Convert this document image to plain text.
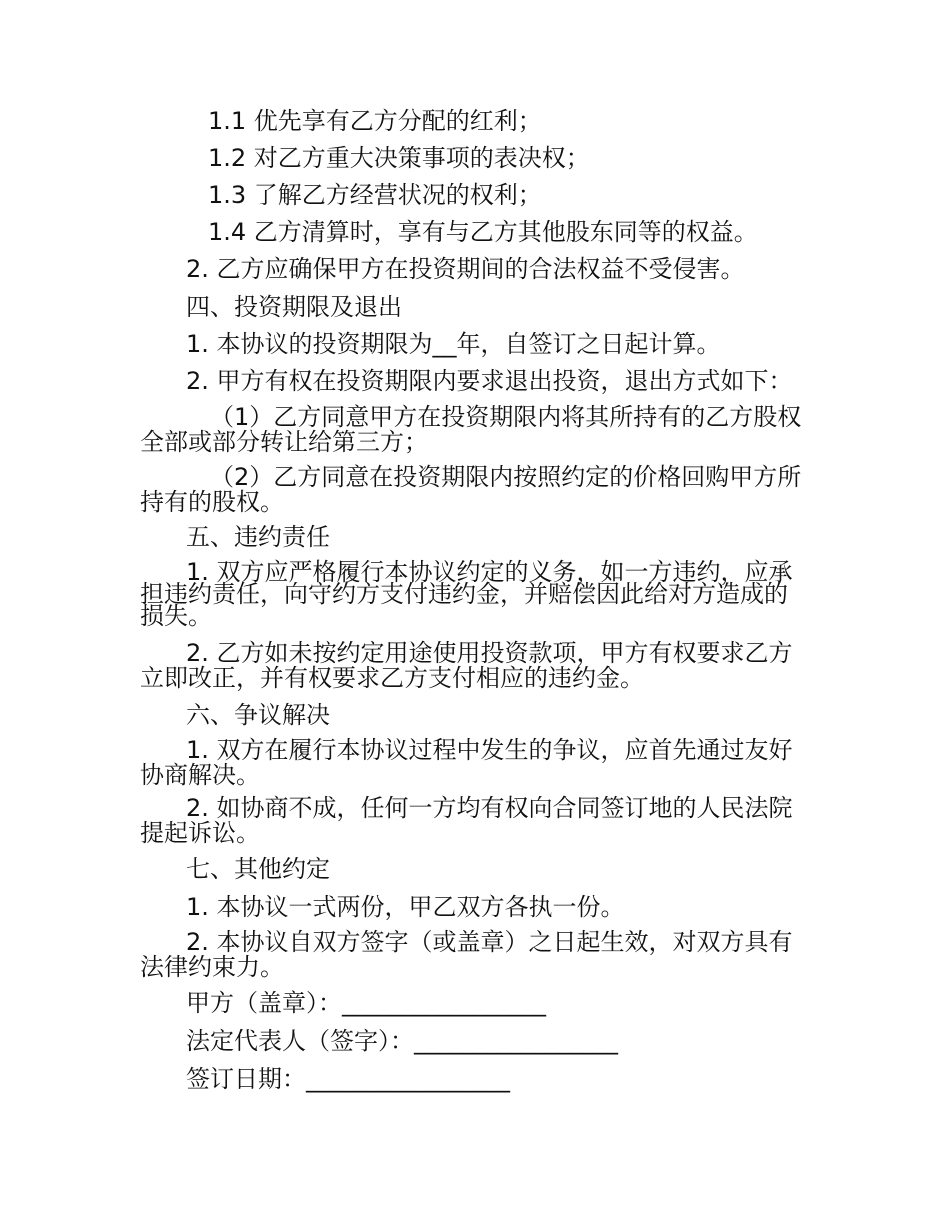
1.1 优先享有乙方分配的红利；

1.2 对乙方重大决策事项的表决权；

1.3 了解乙方经营状况的权利；

1.4 乙方清算时，享有与乙方其他股东同等的权益。

2. 乙方应确保甲方在投资期间的合法权益不受侵害。

四、投资期限及退出

1. 本协议的投资期限为__年，自签订之日起计算。

2. 甲方有权在投资期限内要求退出投资，退出方式如下：

（1）乙方同意甲方在投资期限内将其所持有的乙方股权全部或部分转让给第三方；

（2）乙方同意在投资期限内按照约定的价格回购甲方所持有的股权。

五、违约责任

1. 双方应严格履行本协议约定的义务，如一方违约，应承担违约责任，向守约方支付违约金，并赔偿因此给对方造成的损失。

2. 乙方如未按约定用途使用投资款项，甲方有权要求乙方立即改正，并有权要求乙方支付相应的违约金。

六、争议解决

1. 双方在履行本协议过程中发生的争议，应首先通过友好协商解决。

2. 如协商不成，任何一方均有权向合同签订地的人民法院提起诉讼。

七、其他约定

1. 本协议一式两份，甲乙双方各执一份。

2. 本协议自双方签字（或盖章）之日起生效，对双方具有法律约束力。

甲方（盖章）：_________________

法定代表人（签字）：_________________

签订日期：_________________
